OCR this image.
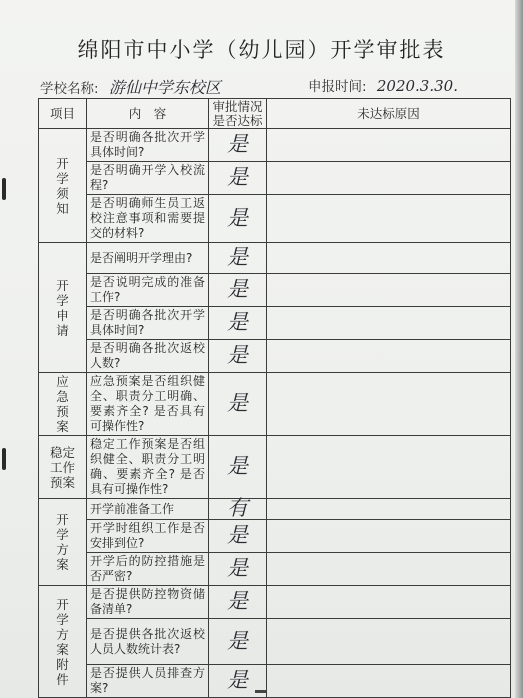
绵阳市中小学（幼儿园）开学审批表
学校名称: 游仙中学东校区	申报时间: 2020.3.30.
项目	内　容	审批情况是否达标	未达标原因

开学须知	是否明确各批次开学具体时间?	是	
	是否明确开学入校流程?	是	
	是否明确师生员工返校注意事项和需要提交的材料?	是	

开学申请	是否阐明开学理由?	是	
	是否说明完成的准备工作?	是	
	是否明确各批次开学具体时间?	是	
	是否明确各批次返校人数?	是	

应急预案	应急预案是否组织健全、职责分工明确、要素齐全? 是否具有可操作性?	是	

稳定工作预案	稳定工作预案是否组织健全、职责分工明确、要素齐全? 是否具有可操作性?	是	

开学方案	开学前准备工作	有	
	开学时组织工作是否安排到位?	是	
	开学后的防控措施是否严密?	是	

开学方案附件	是否提供防控物资储备清单?	是	
	是否提供各批次返校人员人数统计表?	是	
	是否提供人员排查方案?	是	
